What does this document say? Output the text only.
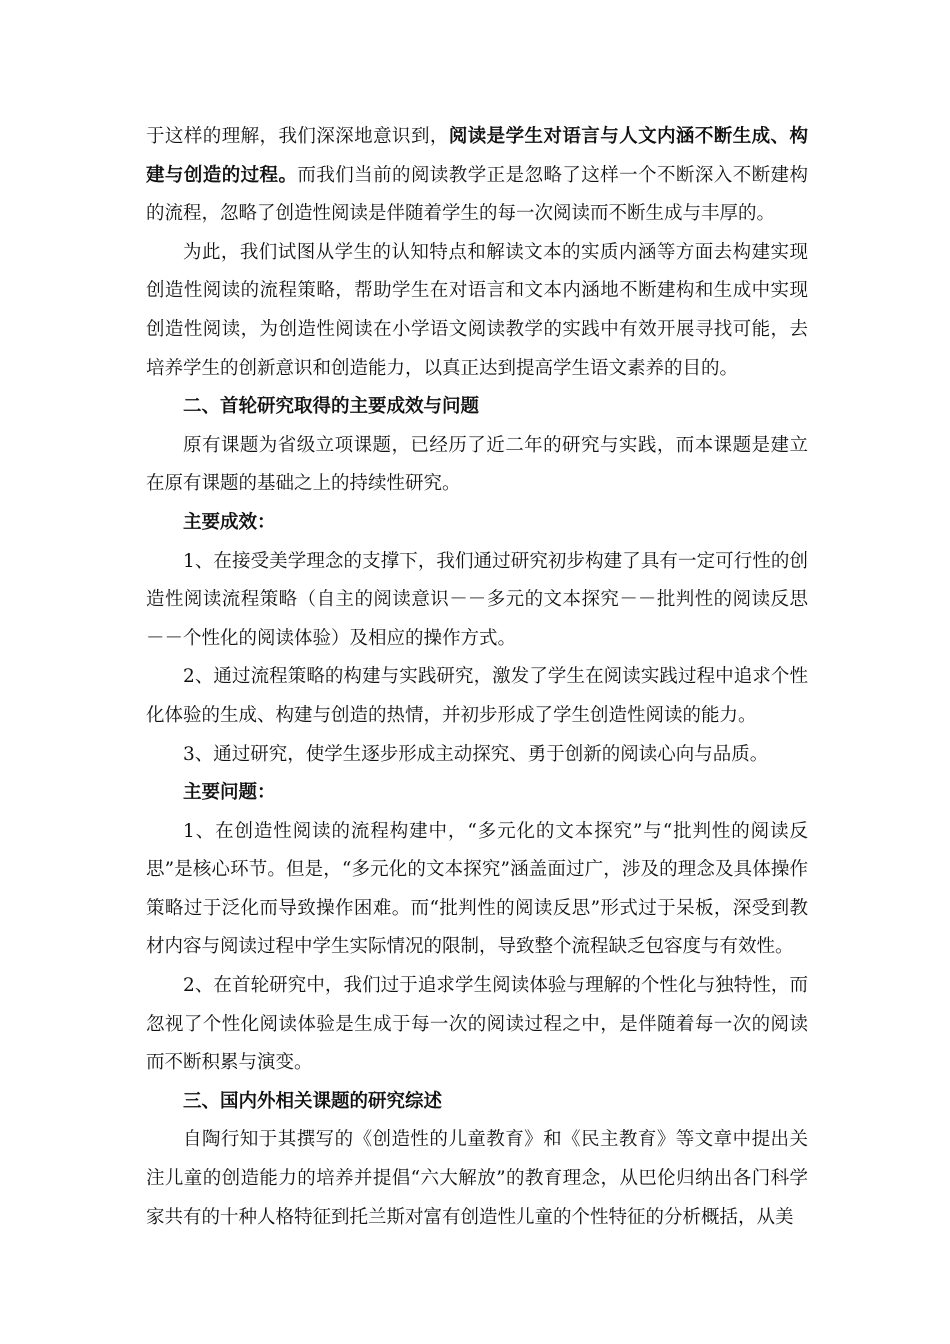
于这样的理解，我们深深地意识到，阅读是学生对语言与人文内涵不断生成、构建与创造的过程。而我们当前的阅读教学正是忽略了这样一个不断深入不断建构的流程，忽略了创造性阅读是伴随着学生的每一次阅读而不断生成与丰厚的。

为此，我们试图从学生的认知特点和解读文本的实质内涵等方面去构建实现创造性阅读的流程策略，帮助学生在对语言和文本内涵地不断建构和生成中实现创造性阅读，为创造性阅读在小学语文阅读教学的实践中有效开展寻找可能，去培养学生的创新意识和创造能力，以真正达到提高学生语文素养的目的。

二、首轮研究取得的主要成效与问题

原有课题为省级立项课题，已经历了近二年的研究与实践，而本课题是建立在原有课题的基础之上的持续性研究。

主要成效：

1、在接受美学理念的支撑下，我们通过研究初步构建了具有一定可行性的创造性阅读流程策略（自主的阅读意识－－多元的文本探究－－批判性的阅读反思－－个性化的阅读体验）及相应的操作方式。

2、通过流程策略的构建与实践研究，激发了学生在阅读实践过程中追求个性化体验的生成、构建与创造的热情，并初步形成了学生创造性阅读的能力。

3、通过研究，使学生逐步形成主动探究、勇于创新的阅读心向与品质。

主要问题：

1、在创造性阅读的流程构建中，“多元化的文本探究”与“批判性的阅读反思”是核心环节。但是，“多元化的文本探究”涵盖面过广，涉及的理念及具体操作策略过于泛化而导致操作困难。而“批判性的阅读反思”形式过于呆板，深受到教材内容与阅读过程中学生实际情况的限制，导致整个流程缺乏包容度与有效性。

2、在首轮研究中，我们过于追求学生阅读体验与理解的个性化与独特性，而忽视了个性化阅读体验是生成于每一次的阅读过程之中，是伴随着每一次的阅读而不断积累与演变。

三、国内外相关课题的研究综述

自陶行知于其撰写的《创造性的儿童教育》和《民主教育》等文章中提出关注儿童的创造能力的培养并提倡“六大解放”的教育理念，从巴伦归纳出各门科学家共有的十种人格特征到托兰斯对富有创造性儿童的个性特征的分析概括，从美
